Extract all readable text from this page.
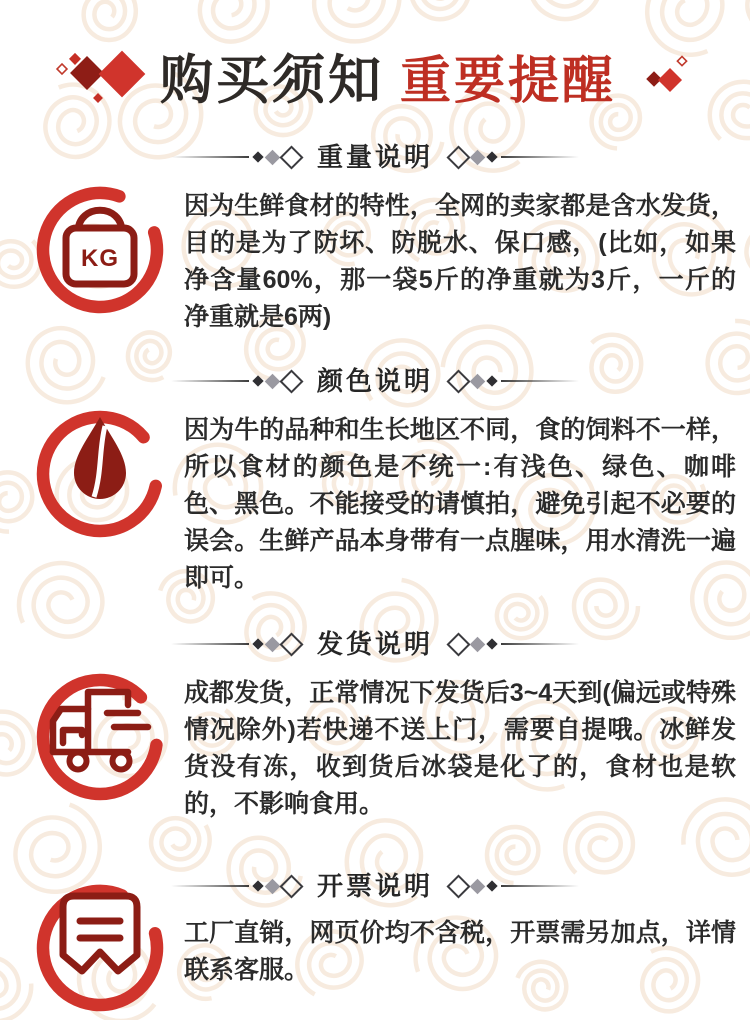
购买须知 重要提醒
重量说明
KG

因为生鲜食材的特性，全网的卖家都是含水发货，目的是为了防坏、防脱水、保口感，(比如，如果净含量60%，那一袋5斤的净重就为3斤，一斤的净重就是6两)

颜色说明

因为牛的品种和生长地区不同，食的饲料不一样，所以食材的颜色是不统一:有浅色、绿色、咖啡色、黑色。不能接受的请慎拍，避免引起不必要的误会。生鲜产品本身带有一点腥味，用水清洗一遍即可。

发货说明

成都发货，正常情况下发货后3~4天到(偏远或特殊情况除外)若快递不送上门，需要自提哦。冰鲜发货没有冻，收到货后冰袋是化了的，食材也是软的，不影响食用。

开票说明

工厂直销，网页价均不含税，开票需另加点，详情联系客服。
